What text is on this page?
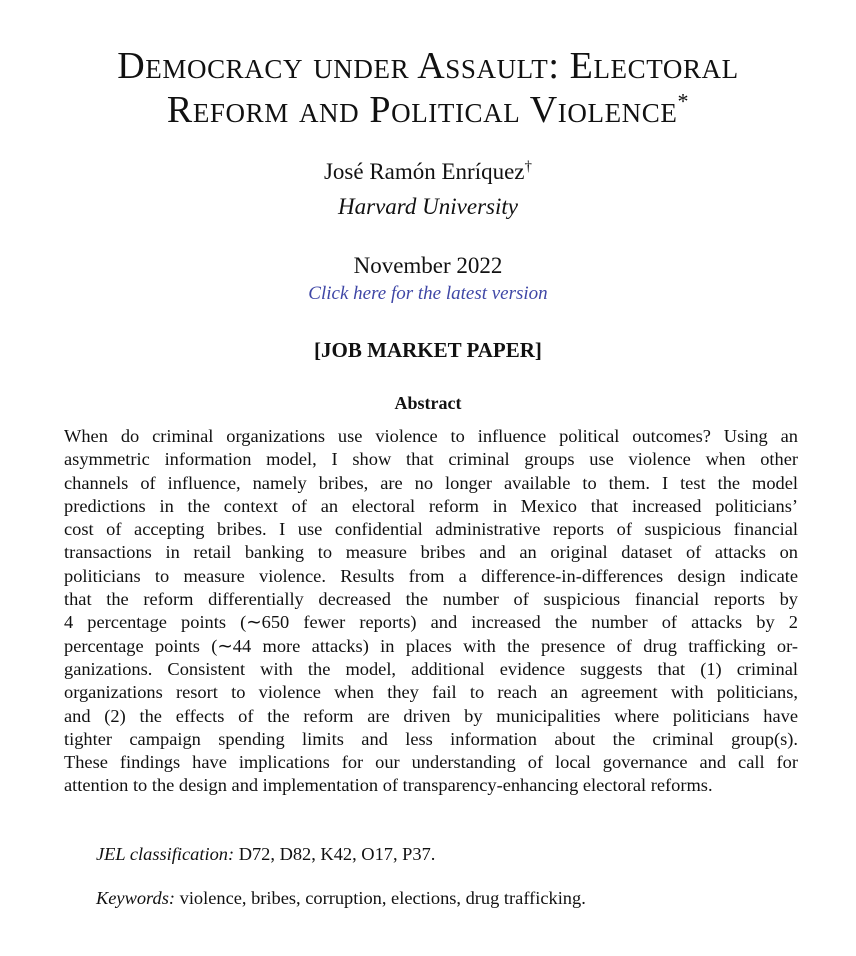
Democracy under Assault: Electoral
Reform and Political Violence*
José Ramón Enríquez†
Harvard University
November 2022
Click here for the latest version
[JOB MARKET PAPER]
Abstract
When do criminal organizations use violence to influence political outcomes? Using an
asymmetric information model, I show that criminal groups use violence when other
channels of influence, namely bribes, are no longer available to them. I test the model
predictions in the context of an electoral reform in Mexico that increased politicians’
cost of accepting bribes. I use confidential administrative reports of suspicious financial
transactions in retail banking to measure bribes and an original dataset of attacks on
politicians to measure violence. Results from a difference-in-differences design indicate
that the reform differentially decreased the number of suspicious financial reports by
4 percentage points (∼650 fewer reports) and increased the number of attacks by 2
percentage points (∼44 more attacks) in places with the presence of drug trafficking or-
ganizations. Consistent with the model, additional evidence suggests that (1) criminal
organizations resort to violence when they fail to reach an agreement with politicians,
and (2) the effects of the reform are driven by municipalities where politicians have
tighter campaign spending limits and less information about the criminal group(s).
These findings have implications for our understanding of local governance and call for
attention to the design and implementation of transparency-enhancing electoral reforms.
JEL classification: D72, D82, K42, O17, P37.
Keywords: violence, bribes, corruption, elections, drug trafficking.
